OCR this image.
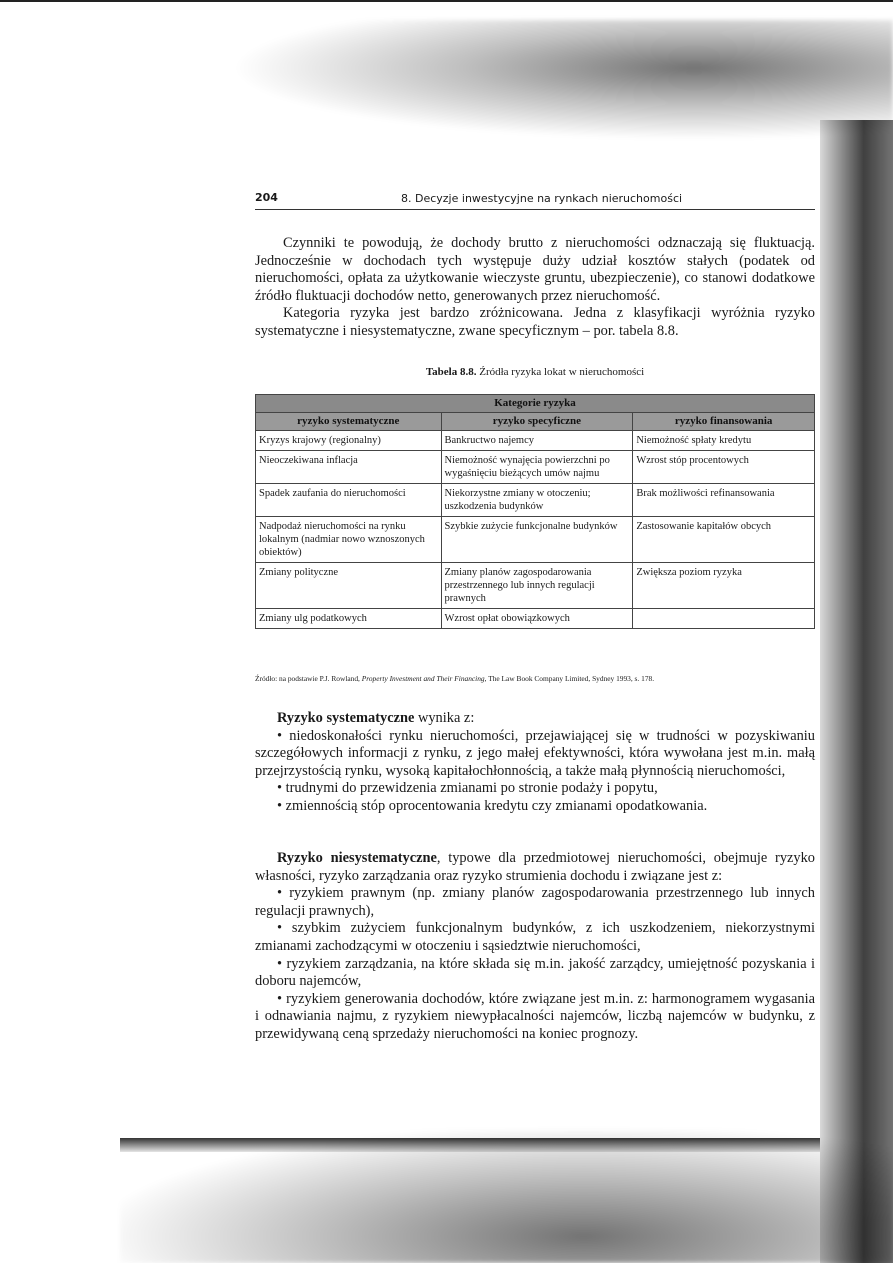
204	8. Decyzje inwestycyjne na rynkach nieruchomości
Czynniki te powodują, że dochody brutto z nieruchomości odznaczają się fluktuacją. Jednocześnie w dochodach tych występuje duży udział kosztów stałych (podatek od nieruchomości, opłata za użytkowanie wieczyste gruntu, ubezpieczenie), co stanowi dodatkowe źródło fluktuacji dochodów netto, generowanych przez nieruchomość.
Kategoria ryzyka jest bardzo zróżnicowana. Jedna z klasyfikacji wyróżnia ryzyko systematyczne i niesystematyczne, zwane specyficznym – por. tabela 8.8.
Tabela 8.8. Źródła ryzyka lokat w nieruchomości
Kategorie ryzyka		
ryzyko systematyczne	ryzyko specyficzne	ryzyko finansowania
Kryzys krajowy (regionalny)	Bankructwo najemcy	Niemożność spłaty kredytu
Nieoczekiwana inflacja	Niemożność wynajęcia powierzchni po wygaśnięciu bieżących umów najmu	Wzrost stóp procentowych
Spadek zaufania do nieruchomości	Niekorzystne zmiany w otoczeniu; uszkodzenia budynków	Brak możliwości refinansowania
Nadpodaż nieruchomości na rynku lokalnym (nadmiar nowo wznoszonych obiektów)	Szybkie zużycie funkcjonalne budynków	Zastosowanie kapitałów obcych
Zmiany polityczne	Zmiany planów zagospodarowania przestrzennego lub innych regulacji prawnych	Zwiększa poziom ryzyka
Zmiany ulg podatkowych	Wzrost opłat obowiązkowych	
Źródło: na podstawie P.J. Rowland, Property Investment and Their Financing, The Law Book Company Limited, Sydney 1993, s. 178.
Ryzyko systematyczne wynika z:
• niedoskonałości rynku nieruchomości, przejawiającej się w trudności w pozyskiwaniu szczegółowych informacji z rynku, z jego małej efektywności, która wywołana jest m.in. małą przejrzystością rynku, wysoką kapitałochłonnością, a także małą płynnością nieruchomości,
• trudnymi do przewidzenia zmianami po stronie podaży i popytu,
• zmiennością stóp oprocentowania kredytu czy zmianami opodatkowania.
Ryzyko niesystematyczne, typowe dla przedmiotowej nieruchomości, obejmuje ryzyko własności, ryzyko zarządzania oraz ryzyko strumienia dochodu i związane jest z:
• ryzykiem prawnym (np. zmiany planów zagospodarowania przestrzennego lub innych regulacji prawnych),
• szybkim zużyciem funkcjonalnym budynków, z ich uszkodzeniem, niekorzystnymi zmianami zachodzącymi w otoczeniu i sąsiedztwie nieruchomości,
• ryzykiem zarządzania, na które składa się m.in. jakość zarządcy, umiejętność pozyskania i doboru najemców,
• ryzykiem generowania dochodów, które związane jest m.in. z: harmonogramem wygasania i odnawiania najmu, z ryzykiem niewypłacalności najemców, liczbą najemców w budynku, z przewidywaną ceną sprzedaży nieruchomości na koniec prognozy.
